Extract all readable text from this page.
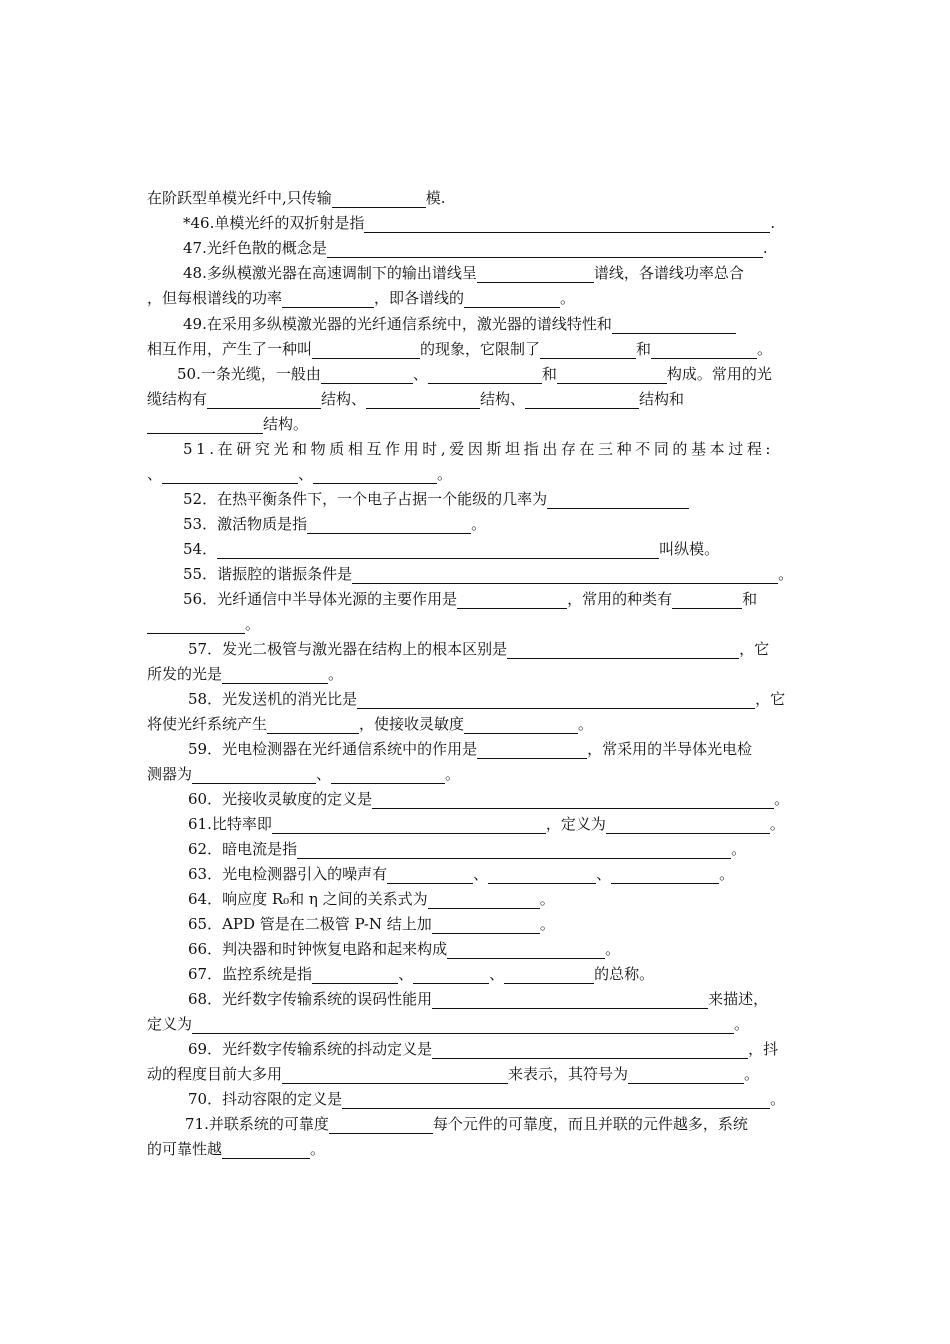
在阶跃型单模光纤中,只传输	模.
*46.单模光纤的双折射是指	.
47.光纤色散的概念是	.
48.多纵模激光器在高速调制下的输出谱线呈	谱线，各谱线功率总合
，但每根谱线的功率	，即各谱线的	。
49.在采用多纵模激光器的光纤通信系统中，激光器的谱线特性和
相互作用，产生了一种叫	的现象，它限制了	和	。
50.一条光缆，一般由	、	和	构成。常用的光
缆结构有	结构、	结构、	结构和
结构。
51.在研究光和物质相互作用时,爱因斯坦指出存在三种不同的基本过程:
、	、	。
52．在热平衡条件下，一个电子占据一个能级的几率为
53．激活物质是指	。
54．	叫纵模。
55．谐振腔的谐振条件是	。
56．光纤通信中半导体光源的主要作用是	，常用的种类有	和
。
57．发光二极管与激光器在结构上的根本区别是	，它
所发的光是	。
58．光发送机的消光比是	，它
将使光纤系统产生	，使接收灵敏度	。
59．光电检测器在光纤通信系统中的作用是	，常采用的半导体光电检
测器为	、	。
60．光接收灵敏度的定义是	。
61.比特率即	，定义为	。
62．暗电流是指	。
63．光电检测器引入的噪声有	、	、	。
64．响应度 R₀和 η 之间的关系式为	。
65．APD 管是在二极管 P-N 结上加	。
66．判决器和时钟恢复电路和起来构成	。
67．监控系统是指	、	、	的总称。
68．光纤数字传输系统的误码性能用	来描述，
定义为	。
69．光纤数字传输系统的抖动定义是	，抖
动的程度目前大多用	来表示，其符号为	。
70．抖动容限的定义是	。
71.并联系统的可靠度	每个元件的可靠度，而且并联的元件越多，系统
的可靠性越	。
